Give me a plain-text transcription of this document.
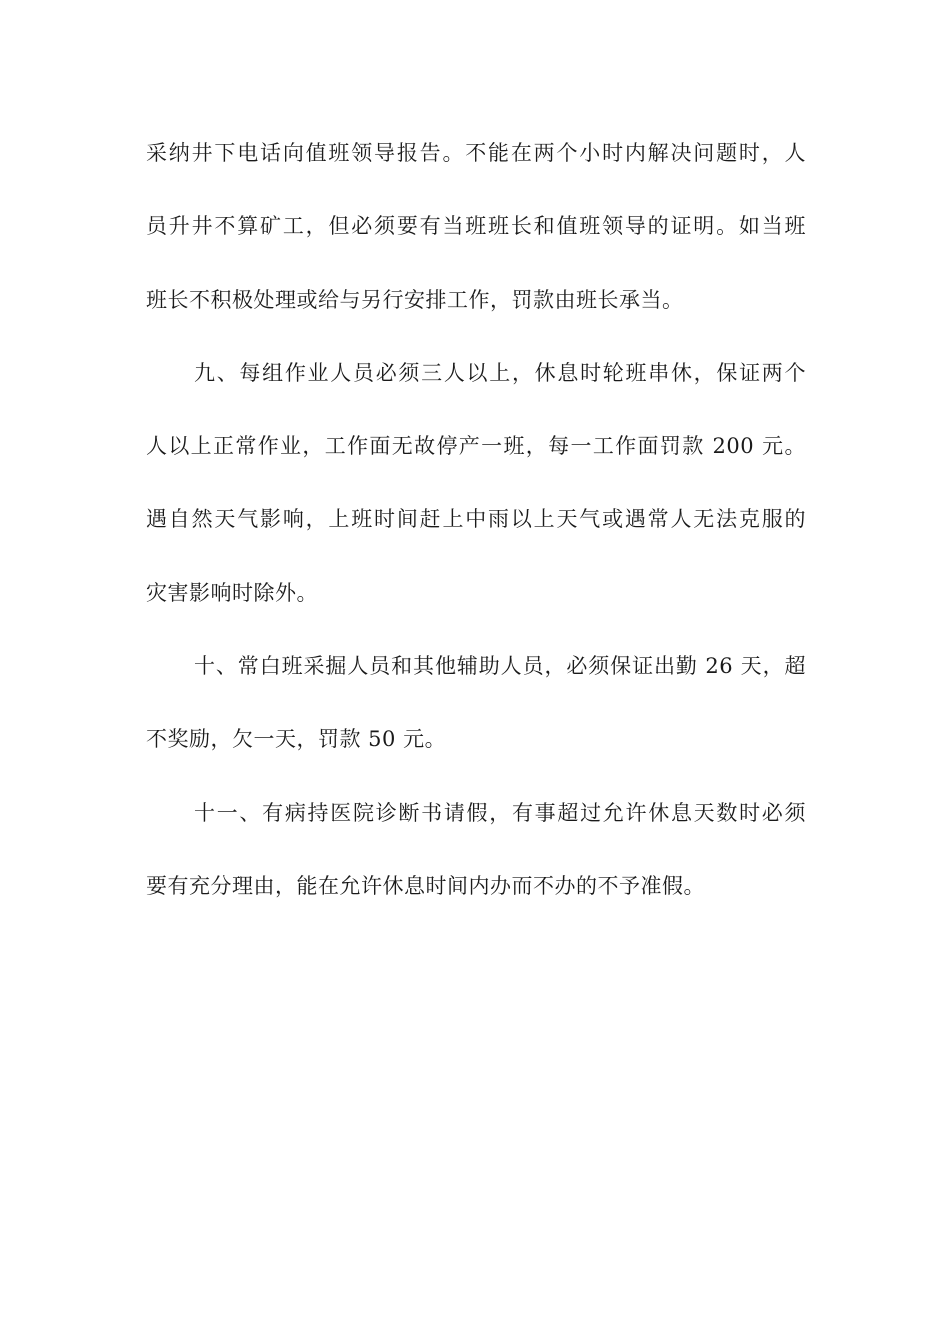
采纳井下电话向值班领导报告。不能在两个小时内解决问题时，人
员升井不算矿工，但必须要有当班班长和值班领导的证明。如当班
班长不积极处理或给与另行安排工作，罚款由班长承当。
九、每组作业人员必须三人以上，休息时轮班串休，保证两个
人以上正常作业，工作面无故停产一班，每一工作面罚款 200 元。
遇自然天气影响，上班时间赶上中雨以上天气或遇常人无法克服的
灾害影响时除外。
十、常白班采掘人员和其他辅助人员，必须保证出勤 26 天，超
不奖励，欠一天，罚款 50 元。
十一、有病持医院诊断书请假，有事超过允许休息天数时必须
要有充分理由，能在允许休息时间内办而不办的不予准假。
